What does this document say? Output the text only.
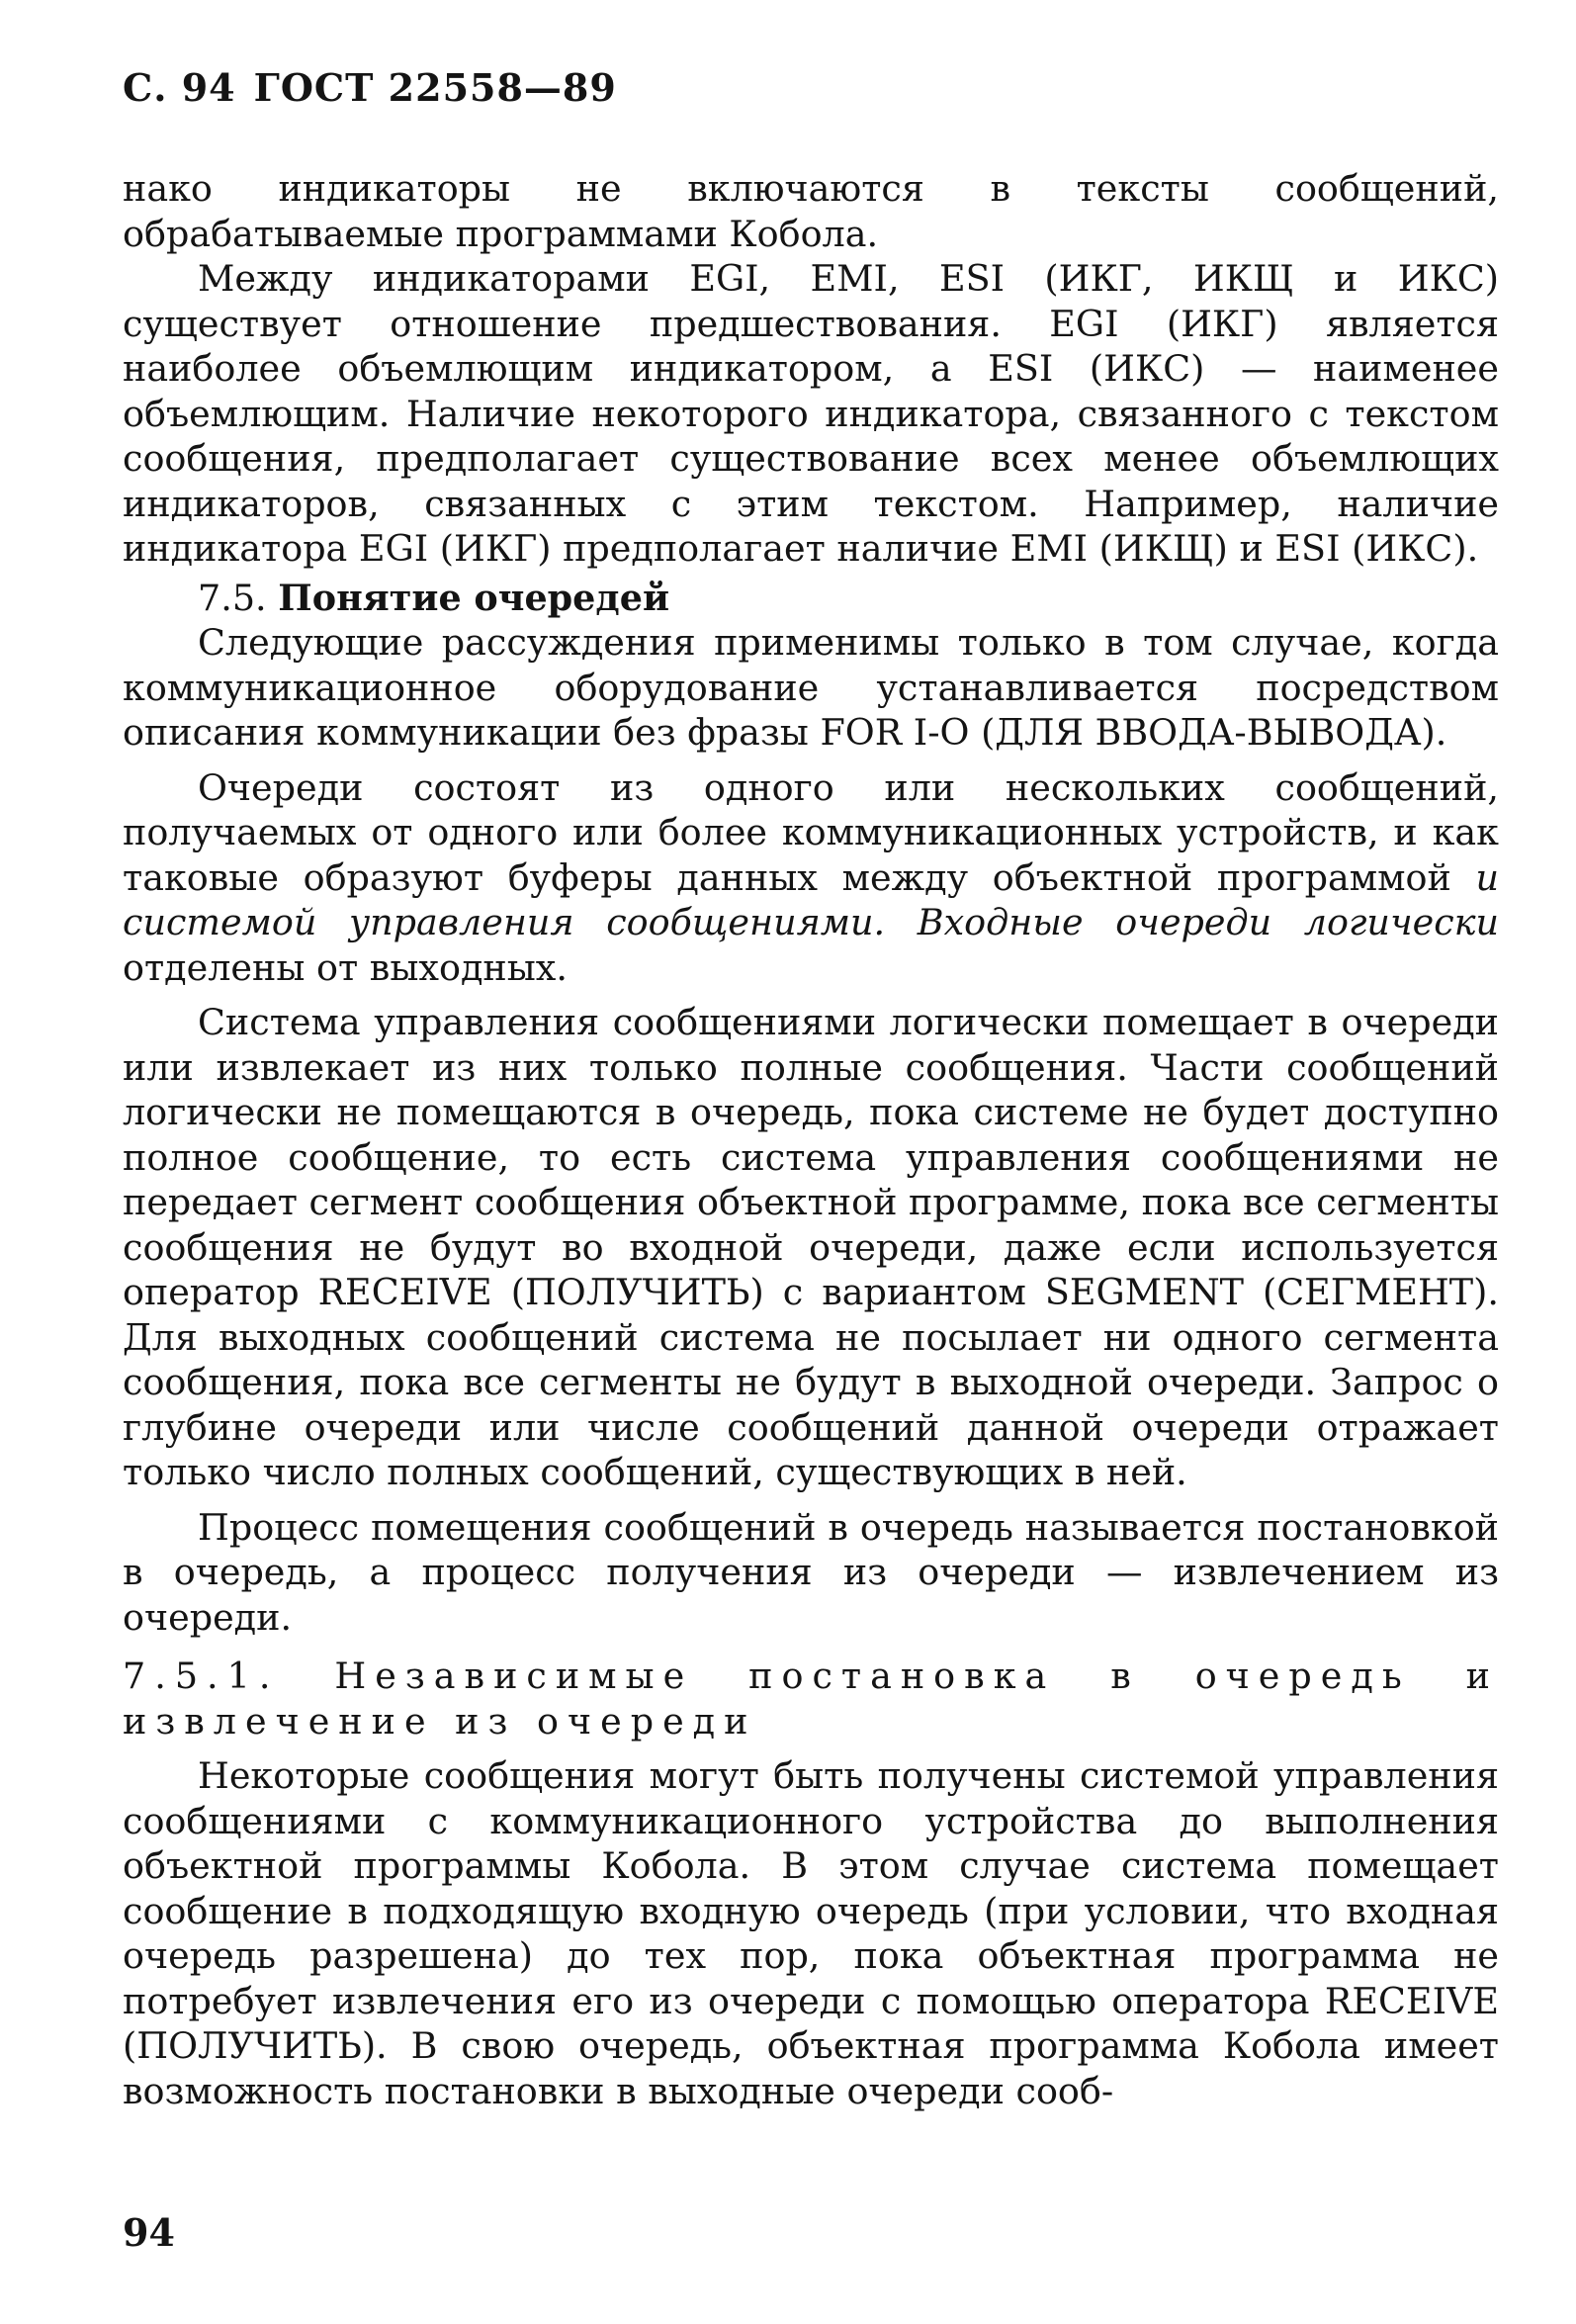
С. 94 ГОСТ 22558—89

нако индикаторы не включаются в тексты сообщений, обрабатываемые программами Кобола.

Между индикаторами EGI, EMI, ESI (ИКГ, ИКЩ и ИКС) существует отношение предшествования. EGI (ИКГ) является наиболее объемлющим индикатором, а ESI (ИКС) — наименее объемлющим. Наличие некоторого индикатора, связанного с текстом сообщения, предполагает существование всех менее объемлющих индикаторов, связанных с этим текстом. Например, наличие индикатора EGI (ИКГ) предполагает наличие EMI (ИКЩ) и ESI (ИКС).

7.5. Понятие очередей

Следующие рассуждения применимы только в том случае, когда коммуникационное оборудование устанавливается посредством описания коммуникации без фразы FOR I-O (ДЛЯ ВВОДА-ВЫВОДА).

Очереди состоят из одного или нескольких сообщений, получаемых от одного или более коммуникационных устройств, и как таковые образуют буферы данных между объектной программой и системой управления сообщениями. Входные очереди логически отделены от выходных.

Система управления сообщениями логически помещает в очереди или извлекает из них только полные сообщения. Части сообщений логически не помещаются в очередь, пока системе не будет доступно полное сообщение, то есть система управления сообщениями не передает сегмент сообщения объектной программе, пока все сегменты сообщения не будут во входной очереди, даже если используется оператор RECEIVE (ПОЛУЧИТЬ) с вариантом SEGMENT (СЕГМЕНТ). Для выходных сообщений система не посылает ни одного сегмента сообщения, пока все сегменты не будут в выходной очереди. Запрос о глубине очереди или числе сообщений данной очереди отражает только число полных сообщений, существующих в ней.

Процесс помещения сообщений в очередь называется постановкой в очередь, а процесс получения из очереди — извлечением из очереди.

7.5.1. Независимые постановка в очередь и извлечение из очереди

Некоторые сообщения могут быть получены системой управления сообщениями с коммуникационного устройства до выполнения объектной программы Кобола. В этом случае система помещает сообщение в подходящую входную очередь (при условии, что входная очередь разрешена) до тех пор, пока объектная программа не потребует извлечения его из очереди с помощью оператора RECEIVE (ПОЛУЧИТЬ). В свою очередь, объектная программа Кобола имеет возможность постановки в выходные очереди сооб-

94
